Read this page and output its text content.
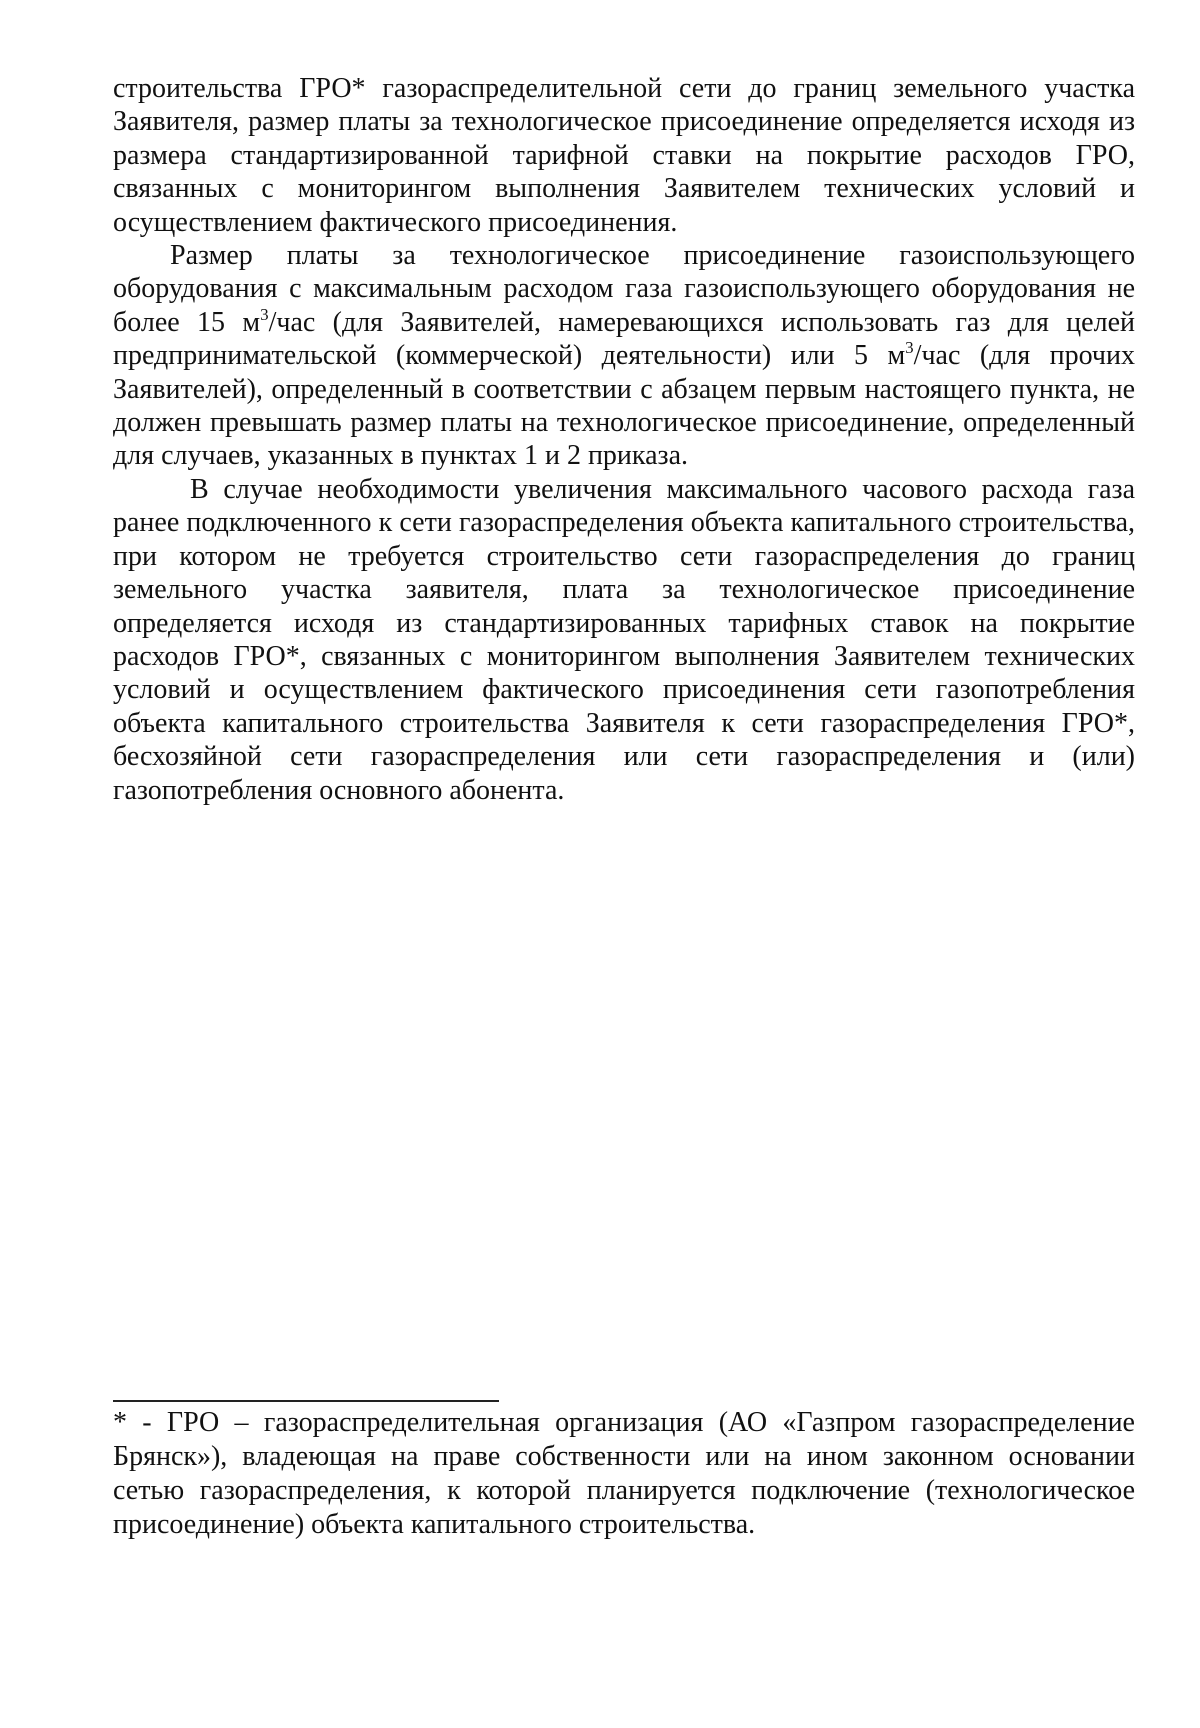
строительства ГРО* газораспределительной сети до границ земельного участка Заявителя, размер платы за технологическое присоединение определяется исходя из размера стандартизированной тарифной ставки на покрытие расходов ГРО, связанных с мониторингом выполнения Заявителем технических условий и осуществлением фактического присоединения.

Размер платы за технологическое присоединение газоиспользующего оборудования с максимальным расходом газа газоиспользующего оборудования не более 15 $м^3$/час (для Заявителей, намеревающихся использовать газ для целей предпринимательской (коммерческой) деятельности) или 5 $м^3$/час (для прочих Заявителей), определенный в соответствии с абзацем первым настоящего пункта, не должен превышать размер платы на технологическое присоединение, определенный для случаев, указанных в пунктах 1 и 2 приказа.

В случае необходимости увеличения максимального часового расхода газа ранее подключенного к сети газораспределения объекта капитального строительства, при котором не требуется строительство сети газораспределения до границ земельного участка заявителя, плата за технологическое присоединение определяется исходя из стандартизированных тарифных ставок на покрытие расходов ГРО*, связанных с мониторингом выполнения Заявителем технических условий и осуществлением фактического присоединения сети газопотребления объекта капитального строительства Заявителя к сети газораспределения ГРО*, бесхозяйной сети газораспределения или сети газораспределения и (или) газопотребления основного абонента.

* - ГРО – газораспределительная организация (АО «Газпром газораспределение Брянск»), владеющая на праве собственности или на ином законном основании сетью газораспределения, к которой планируется подключение (технологическое присоединение) объекта капитального строительства.
